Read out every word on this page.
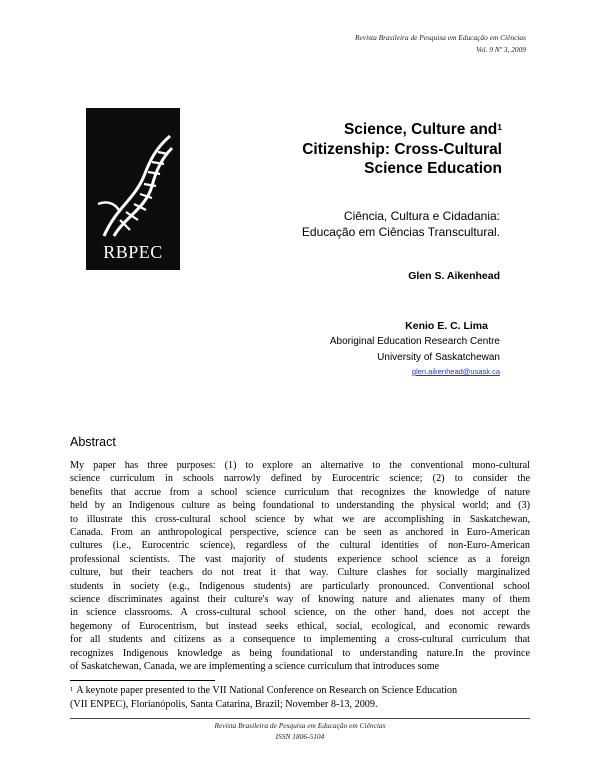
Revista Brasileira de Pesquisa em Educação em Ciências
Vol. 9 Nº 3, 2009
RBPEC
Science, Culture and$^1$
Citizenship: Cross-Cultural
Science Education
Ciência, Cultura e Cidadania:
Educação em Ciências Transcultural.
Glen S. Aikenhead
Kenio E. C. Lima
Aboriginal Education Research Centre
University of Saskatchewan
glen.aikenhead@usask.ca
Abstract
My paper has three purposes: (1) to explore an alternative to the conventional mono-cultural
science curriculum in schools narrowly defined by Eurocentric science; (2) to consider the
benefits that accrue from a school science curriculum that recognizes the knowledge of nature
held by an Indigenous culture as being foundational to understanding the physical world; and (3)
to illustrate this cross-cultural school science by what we are accomplishing in Saskatchewan,
Canada. From an anthropological perspective, science can be seen as anchored in Euro-American
cultures (i.e., Eurocentric science), regardless of the cultural identities of non-Euro-American
professional scientists. The vast majority of students experience school science as a foreign
culture, but their teachers do not treat it that way. Culture clashes for socially marginalized
students in society (e.g., Indigenous students) are particularly pronounced. Conventional school
science discriminates against their culture's way of knowing nature and alienates many of them
in science classrooms. A cross-cultural school science, on the other hand, does not accept the
hegemony of Eurocentrism, but instead seeks ethical, social, ecological, and economic rewards
for all students and citizens as a consequence to implementing a cross-cultural curriculum that
recognizes Indigenous knowledge as being foundational to understanding nature.In the province
of Saskatchewan, Canada, we are implementing a science curriculum that introduces some
$^1$ A keynote paper presented to the VII National Conference on Research on Science Education
(VII ENPEC), Florianópolis, Santa Catarina, Brazil; November 8-13, 2009.
Revista Brasileira de Pesquisa em Educação em Ciências
ISSN 1806-5104
